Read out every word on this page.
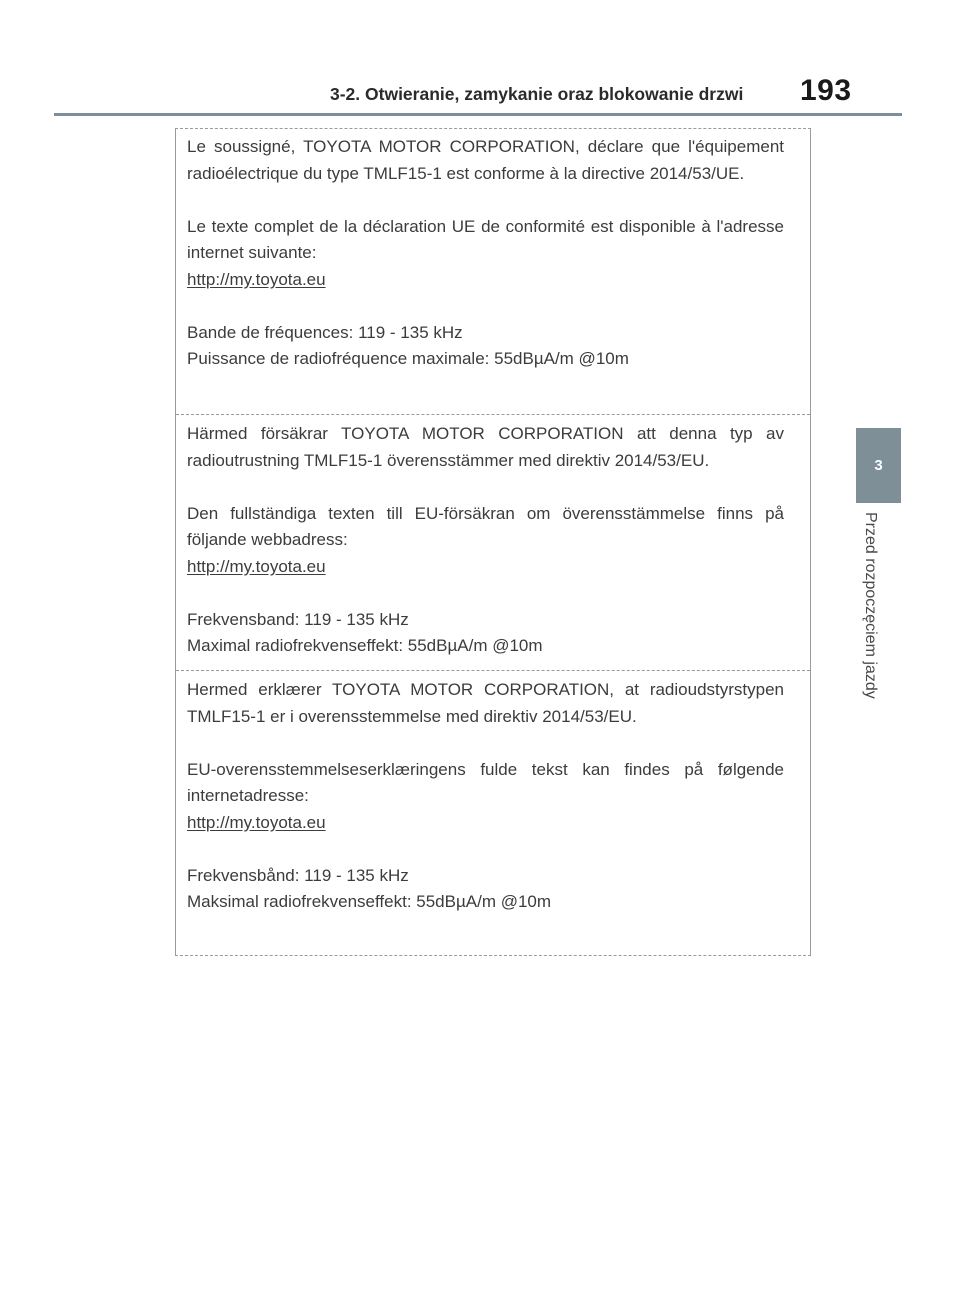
3-2. Otwieranie, zamykanie oraz blokowanie drzwi 193
3
Przed rozpoczęciem jazdy

Le soussigné, TOYOTA MOTOR CORPORATION, déclare que l'équipement radioélectrique du type TMLF15-1 est conforme à la directive 2014/53/UE.

Le texte complet de la déclaration UE de conformité est disponible à l'adresse internet suivante:
http://my.toyota.eu

Bande de fréquences: 119 - 135 kHz
Puissance de radiofréquence maximale: 55dBµA/m @10m

Härmed försäkrar TOYOTA MOTOR CORPORATION att denna typ av radioutrustning TMLF15-1 överensstämmer med direktiv 2014/53/EU.

Den fullständiga texten till EU-försäkran om överensstämmelse finns på följande webbadress:
http://my.toyota.eu

Frekvensband: 119 - 135 kHz
Maximal radiofrekvenseffekt: 55dBµA/m @10m

Hermed erklærer TOYOTA MOTOR CORPORATION, at radioudstyrstypen TMLF15-1 er i overensstemmelse med direktiv 2014/53/EU.

EU-overensstemmelseserklæringens fulde tekst kan findes på følgende internetadresse:
http://my.toyota.eu

Frekvensbånd: 119 - 135 kHz
Maksimal radiofrekvenseffekt: 55dBµA/m @10m
